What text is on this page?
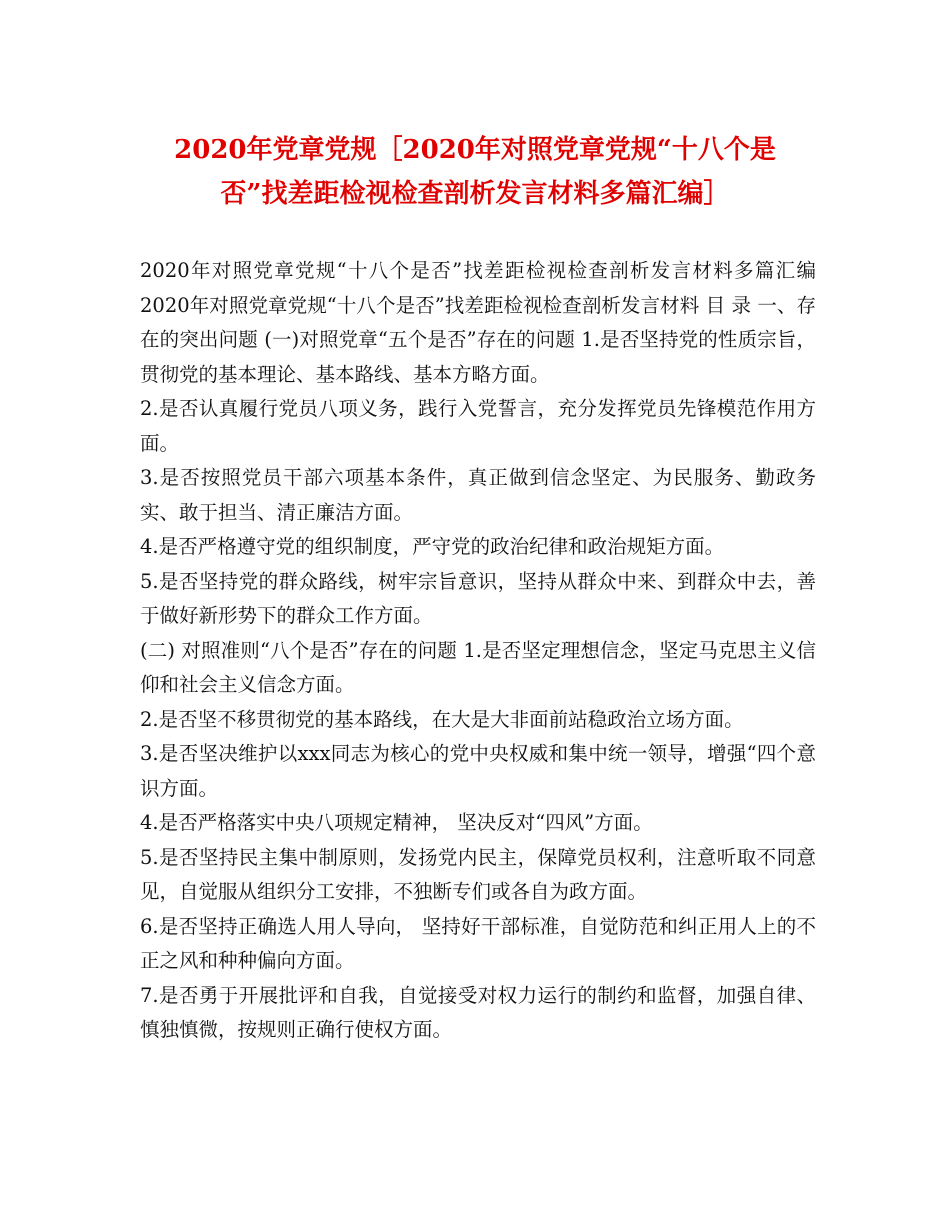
2020年党章党规［2020年对照党章党规“十八个是
否”找差距检视检查剖析发言材料多篇汇编］

2020年对照党章党规“十八个是否”找差距检视检查剖析发言材料多篇汇编 2020年对照党章党规“十八个是否”找差距检视检查剖析发言材料 目 录 一、存在的突出问题 (一)对照党章“五个是否”存在的问题 1.是否坚持党的性质宗旨，贯彻党的基本理论、基本路线、基本方略方面。

2.是否认真履行党员八项义务，践行入党誓言，充分发挥党员先锋模范作用方面。

3.是否按照党员干部六项基本条件，真正做到信念坚定、为民服务、勤政务实、敢于担当、清正廉洁方面。

4.是否严格遵守党的组织制度，严守党的政治纪律和政治规矩方面。

5.是否坚持党的群众路线，树牢宗旨意识，坚持从群众中来、到群众中去，善于做好新形势下的群众工作方面。

(二) 对照准则“八个是否”存在的问题 1.是否坚定理想信念，坚定马克思主义信仰和社会主义信念方面。

2.是否坚不移贯彻党的基本路线，在大是大非面前站稳政治立场方面。

3.是否坚决维护以xxx同志为核心的党中央权威和集中统一领导，增强“四个意识方面。

4.是否严格落实中央八项规定精神， 坚决反对“四风”方面。

5.是否坚持民主集中制原则，发扬党内民主，保障党员权利，注意听取不同意见，自觉服从组织分工安排，不独断专们或各自为政方面。

6.是否坚持正确选人用人导向， 坚持好干部标准，自觉防范和纠正用人上的不正之风和种种偏向方面。

7.是否勇于开展批评和自我，自觉接受对权力运行的制约和监督，加强自律、慎独慎微，按规则正确行使权方面。
